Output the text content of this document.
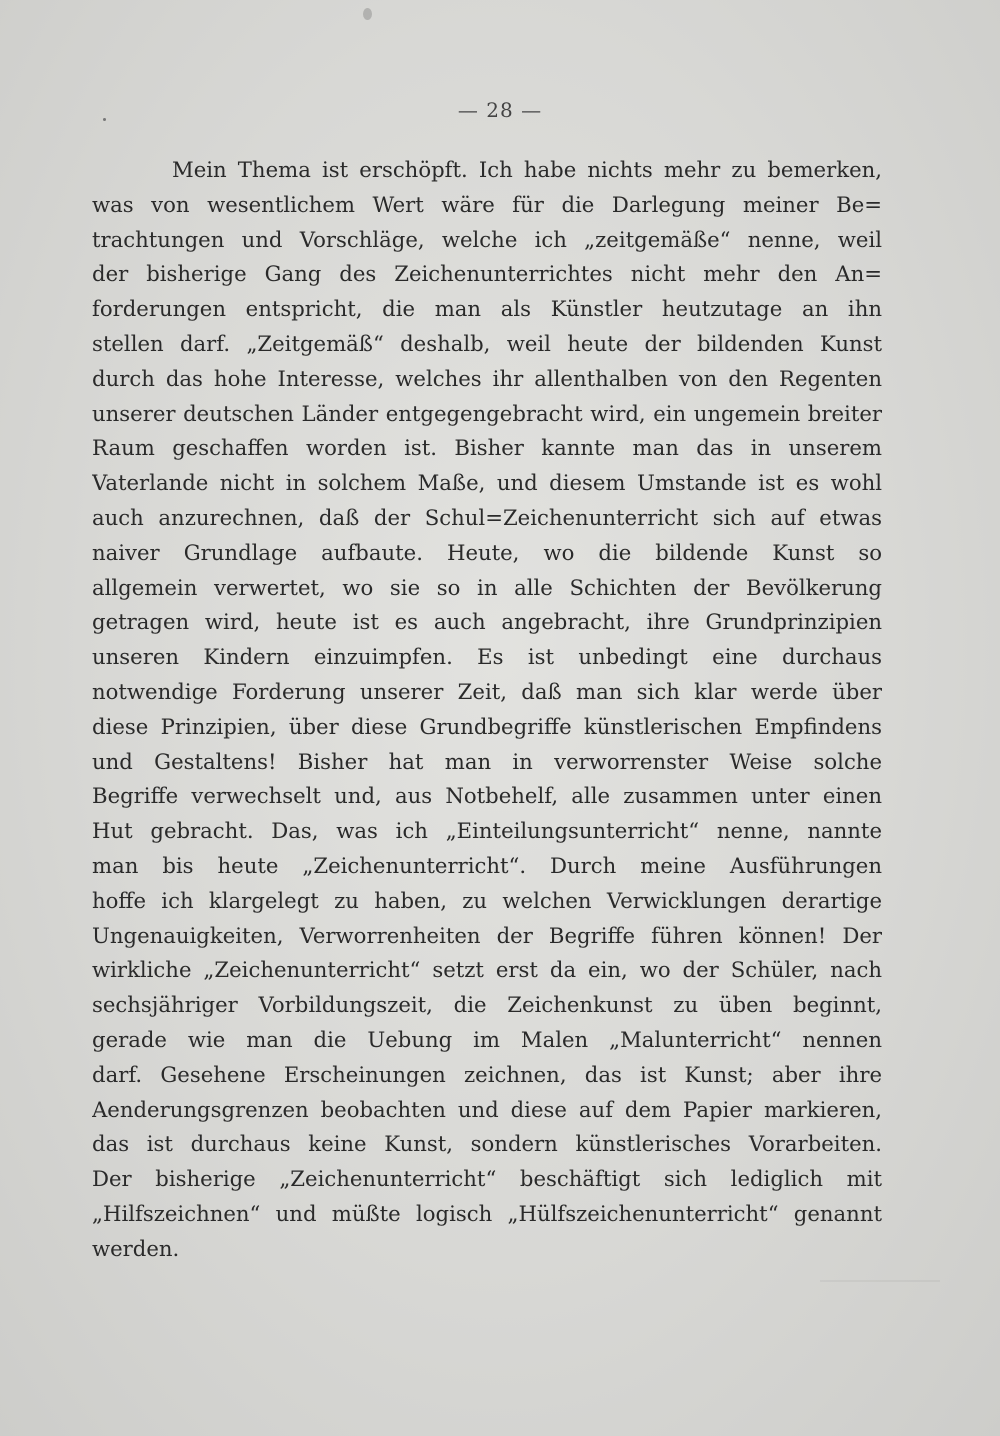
— 28 —
Mein Thema ist erschöpft. Ich habe nichts mehr zu bemerken,
was von wesentlichem Wert wäre für die Darlegung meiner Be=
trachtungen und Vorschläge, welche ich „zeitgemäße“ nenne, weil
der bisherige Gang des Zeichenunterrichtes nicht mehr den An=
forderungen entspricht, die man als Künstler heutzutage an ihn
stellen darf. „Zeitgemäß“ deshalb, weil heute der bildenden Kunst
durch das hohe Interesse, welches ihr allenthalben von den Regenten
unserer deutschen Länder entgegengebracht wird, ein ungemein breiter
Raum geschaffen worden ist. Bisher kannte man das in unserem
Vaterlande nicht in solchem Maße, und diesem Umstande ist es wohl
auch anzurechnen, daß der Schul=Zeichenunterricht sich auf etwas
naiver Grundlage aufbaute. Heute, wo die bildende Kunst so
allgemein verwertet, wo sie so in alle Schichten der Bevölkerung
getragen wird, heute ist es auch angebracht, ihre Grundprinzipien
unseren Kindern einzuimpfen. Es ist unbedingt eine durchaus
notwendige Forderung unserer Zeit, daß man sich klar werde über
diese Prinzipien, über diese Grundbegriffe künstlerischen Empfindens
und Gestaltens! Bisher hat man in verworrenster Weise solche
Begriffe verwechselt und, aus Notbehelf, alle zusammen unter einen
Hut gebracht. Das, was ich „Einteilungsunterricht“ nenne, nannte
man bis heute „Zeichenunterricht“. Durch meine Ausführungen
hoffe ich klargelegt zu haben, zu welchen Verwicklungen derartige
Ungenauigkeiten, Verworrenheiten der Begriffe führen können! Der
wirkliche „Zeichenunterricht“ setzt erst da ein, wo der Schüler, nach
sechsjähriger Vorbildungszeit, die Zeichenkunst zu üben beginnt,
gerade wie man die Uebung im Malen „Malunterricht“ nennen
darf. Gesehene Erscheinungen zeichnen, das ist Kunst; aber ihre
Aenderungsgrenzen beobachten und diese auf dem Papier markieren,
das ist durchaus keine Kunst, sondern künstlerisches Vorarbeiten.
Der bisherige „Zeichenunterricht“ beschäftigt sich lediglich mit
„Hilfszeichnen“ und müßte logisch „Hülfszeichenunterricht“ genannt
werden.
